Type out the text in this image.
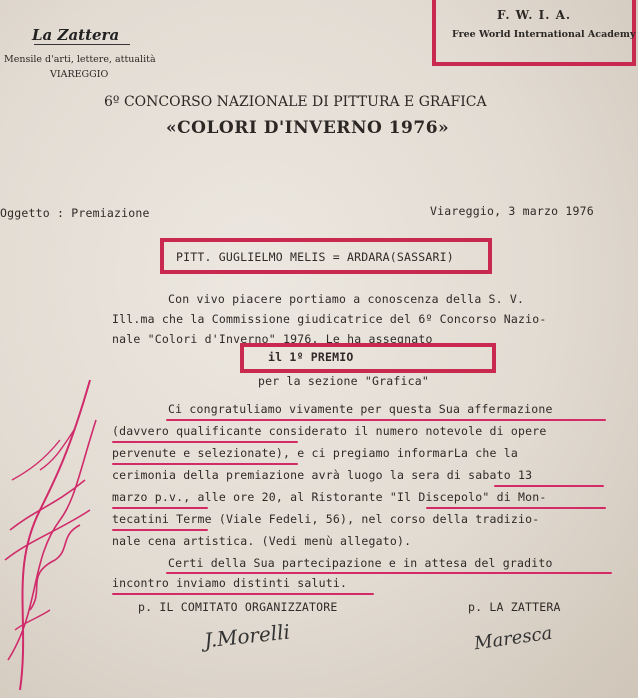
La Zattera
Mensile d'arti, lettere, attualità
VIAREGGIO
F. W. I. A.
Free World International Academy
6º CONCORSO NAZIONALE DI PITTURA E GRAFICA
«COLORI D'INVERNO 1976»
Oggetto : Premiazione	Viareggio, 3 marzo 1976
PITT. GUGLIELMO MELIS = ARDARA(SASSARI)
Con vivo piacere portiamo a conoscenza della S. V.
Ill.ma che la Commissione giudicatrice del 6º Concorso Nazio-
nale "Colori d'Inverno" 1976, Le ha assegnato
il 1º PREMIO
per la sezione "Grafica"
Ci congratuliamo vivamente per questa Sua affermazione
(davvero qualificante considerato il numero notevole di opere
pervenute e selezionate), e ci pregiamo informarLa che la
cerimonia della premiazione avrà luogo la sera di sabato 13
marzo p.v., alle ore 20, al Ristorante "Il Discepolo" di Mon-
tecatini Terme (Viale Fedeli, 56), nel corso della tradizio-
nale cena artistica. (Vedi menù allegato).
Certi della Sua partecipazione e in attesa del gradito
incontro inviamo distinti saluti.
p. IL COMITATO ORGANIZZATORE	p. LA ZATTERA
J.Morelli	Maresca
